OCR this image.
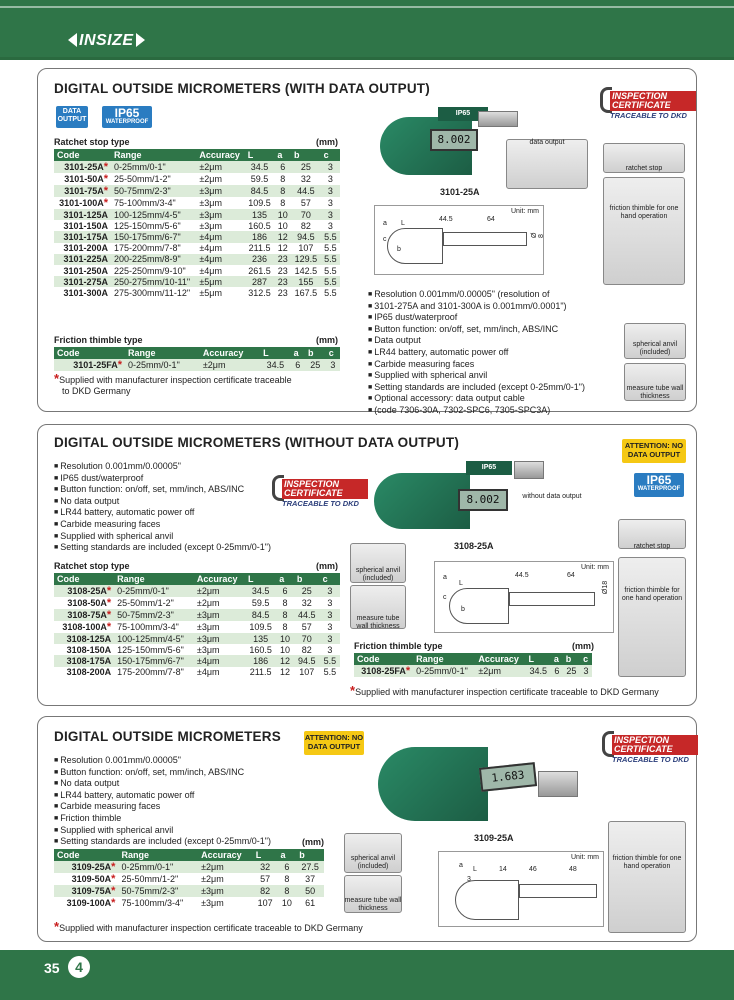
INSIZE
DIGITAL OUTSIDE MICROMETERS (WITH DATA OUTPUT)
DATA OUTPUT	IP65
WATERPROOF
Ratchet stop type	(mm)
Code	Range	Accuracy	L	a	b	c
3101-25A*	0-25mm/0-1"	±2μm	34.5	6	25	3
3101-50A*	25-50mm/1-2"	±2μm	59.5	8	32	3
3101-75A*	50-75mm/2-3"	±3μm	84.5	8	44.5	3
3101-100A*	75-100mm/3-4"	±3μm	109.5	8	57	3
3101-125A	100-125mm/4-5"	±3μm	135	10	70	3
3101-150A	125-150mm/5-6"	±3μm	160.5	10	82	3
3101-175A	150-175mm/6-7"	±4μm	186	12	94.5	5.5
3101-200A	175-200mm/7-8"	±4μm	211.5	12	107	5.5
3101-225A	200-225mm/8-9"	±4μm	236	23	129.5	5.5
3101-250A	225-250mm/9-10"	±4μm	261.5	23	142.5	5.5
3101-275A	250-275mm/10-11"	±5μm	287	23	155	5.5
3101-300A	275-300mm/11-12"	±5μm	312.5	23	167.5	5.5
Friction thimble type	(mm)
Code	Range	Accuracy	L	a	b	c
3101-25FA*	0-25mm/0-1"	±2μm	34.5	6	25	3
*Supplied with manufacturer inspection certificate traceable
to DKD Germany
8.002
IP65
3101-25A
data output
INSPECTION CERTIFICATE
TRACEABLE TO DKD
ratchet stop
friction thimble for one hand operation
Unit: mm
44.5	64
a L
c
b
Ø 8
■ Resolution 0.001mm/0.00005" (resolution of
■ 3101-275A and 3101-300A is 0.001mm/0.0001")
■ IP65 dust/waterproof
■ Button function: on/off, set, mm/inch, ABS/INC
■ Data output
■ LR44 battery, automatic power off
■ Carbide measuring faces
■ Supplied with spherical anvil
■ Setting standards are included (except 0-25mm/0-1")
■ Optional accessory: data output cable
■ (code 7306-30A, 7302-SPC6, 7305-SPC3A)
spherical anvil (included)
measure tube wall thickness
DIGITAL OUTSIDE MICROMETERS (WITHOUT DATA OUTPUT)
■ Resolution 0.001mm/0.00005"
■ IP65 dust/waterproof
■ Button function: on/off, set, mm/inch, ABS/INC
■ No data output
■ LR44 battery, automatic power off
■ Carbide measuring faces
■ Supplied with spherical anvil
■ Setting standards are included (except 0-25mm/0-1")
INSPECTION CERTIFICATE
TRACEABLE TO DKD	8.002
IP65
without data output
3108-25A
ATTENTION: NO DATA OUTPUT
IP65
WATERPROOF
ratchet stop
friction thimble for one hand operation
Ratchet stop type	(mm)
Code	Range	Accuracy	L	a	b	c
3108-25A*	0-25mm/0-1"	±2μm	34.5	6	25	3
3108-50A*	25-50mm/1-2"	±2μm	59.5	8	32	3
3108-75A*	50-75mm/2-3"	±3μm	84.5	8	44.5	3
3108-100A*	75-100mm/3-4"	±3μm	109.5	8	57	3
3108-125A	100-125mm/4-5"	±3μm	135	10	70	3
3108-150A	125-150mm/5-6"	±3μm	160.5	10	82	3
3108-175A	150-175mm/6-7"	±4μm	186	12	94.5	5.5
3108-200A	175-200mm/7-8"	±4μm	211.5	12	107	5.5
spherical anvil (included)
measure tube wall thickness
Unit: mm
44.5	64
a
L
c
b
Ø18
Friction thimble type	(mm)
Code	Range	Accuracy	L	a	b	c
3108-25FA*	0-25mm/0-1"	±2μm	34.5	6	25	3
*Supplied with manufacturer inspection certificate traceable to DKD Germany
DIGITAL OUTSIDE MICROMETERS	ATTENTION: NO DATA OUTPUT
■ Resolution 0.001mm/0.00005"
■ Button function: on/off, set, mm/inch, ABS/INC
■ No data output
■ LR44 battery, automatic power off
■ Carbide measuring faces
■ Friction thimble
■ Supplied with spherical anvil
■ Setting standards are included (except 0-25mm/0-1")
1.683
3109-25A
INSPECTION CERTIFICATE
TRACEABLE TO DKD
friction thimble for one hand operation
(mm)
Code	Range	Accuracy	L	a	b
3109-25A*	0-25mm/0-1"	±2μm	32	6	27.5
3109-50A*	25-50mm/1-2"	±2μm	57	8	37
3109-75A*	50-75mm/2-3"	±3μm	82	8	50
3109-100A*	75-100mm/3-4"	±3μm	107	10	61
*Supplied with manufacturer inspection certificate traceable to DKD Germany
spherical anvil (included)
measure tube wall thickness
Unit: mm
a
L	14	46	48
3
35	4
